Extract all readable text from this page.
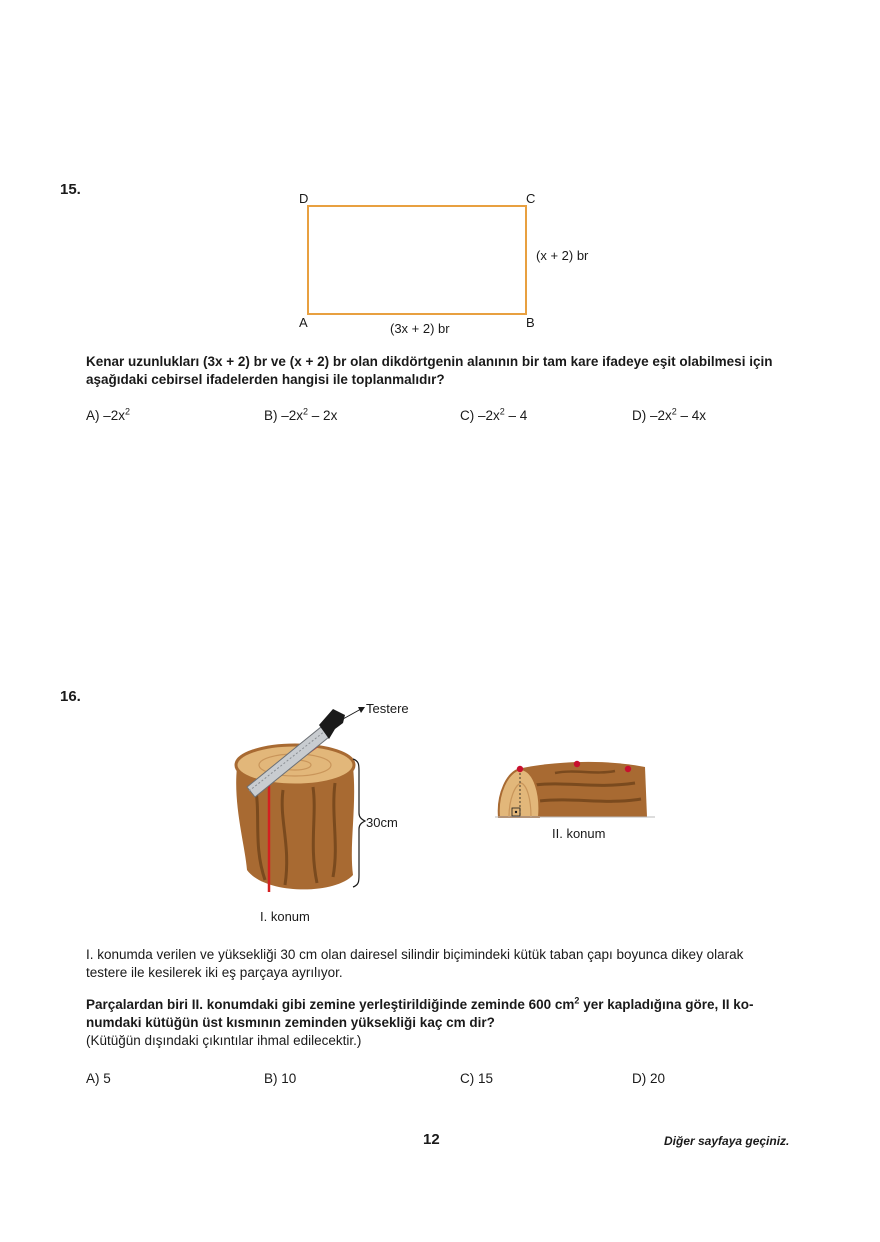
15.
D	C
A	B
(x + 2) br
(3x + 2) br
Kenar uzunlukları (3x + 2) br ve (x + 2) br olan dikdörtgenin alanının bir tam kare ifadeye eşit olabilmesi için
aşağıdaki cebirsel ifadelerden hangisi ile toplanmalıdır?
A) $-2x^2$	B) $-2x^2 - 2x$	C) $-2x^2 - 4$	D) $-2x^2 - 4x$
16.
Testere
30cm
I. konum
II. konum
I. konumda verilen ve yüksekliği 30 cm olan dairesel silindir biçimindeki kütük taban çapı boyunca dikey olarak
testere ile kesilerek iki eş parçaya ayrılıyor.
Parçalardan biri II. konumdaki gibi zemine yerleştirildiğinde zeminde 600 $cm^2$ yer kapladığına göre, II ko-
numdaki kütüğün üst kısmının zeminden yüksekliği kaç cm dir?
(Kütüğün dışındaki çıkıntılar ihmal edilecektir.)
A) 5	B) 10	C) 15	D) 20
12	Diğer sayfaya geçiniz.
